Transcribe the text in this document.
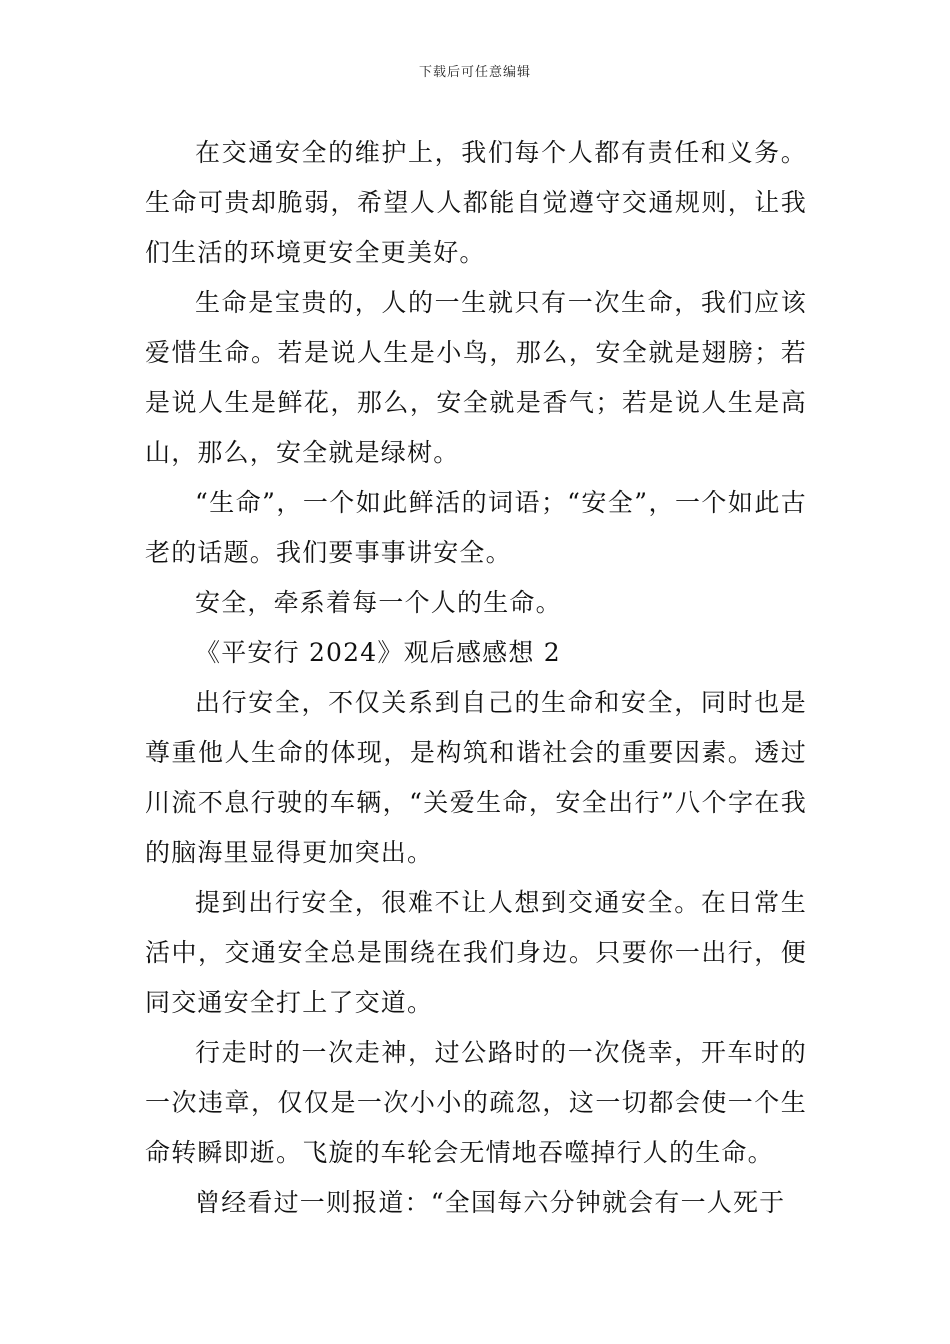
下载后可任意编辑

在交通安全的维护上，我们每个人都有责任和义务。生命可贵却脆弱，希望人人都能自觉遵守交通规则，让我们生活的环境更安全更美好。

生命是宝贵的，人的一生就只有一次生命，我们应该爱惜生命。若是说人生是小鸟，那么，安全就是翅膀；若是说人生是鲜花，那么，安全就是香气；若是说人生是高山，那么，安全就是绿树。

“生命”，一个如此鲜活的词语；“安全”，一个如此古老的话题。我们要事事讲安全。

安全，牵系着每一个人的生命。

《平安行 2024》观后感感想 2

出行安全，不仅关系到自己的生命和安全，同时也是尊重他人生命的体现，是构筑和谐社会的重要因素。透过川流不息行驶的车辆，“关爱生命，安全出行”八个字在我的脑海里显得更加突出。

提到出行安全，很难不让人想到交通安全。在日常生活中，交通安全总是围绕在我们身边。只要你一出行，便同交通安全打上了交道。

行走时的一次走神，过公路时的一次侥幸，开车时的一次违章，仅仅是一次小小的疏忽，这一切都会使一个生命转瞬即逝。飞旋的车轮会无情地吞噬掉行人的生命。

曾经看过一则报道：“全国每六分钟就会有一人死于
